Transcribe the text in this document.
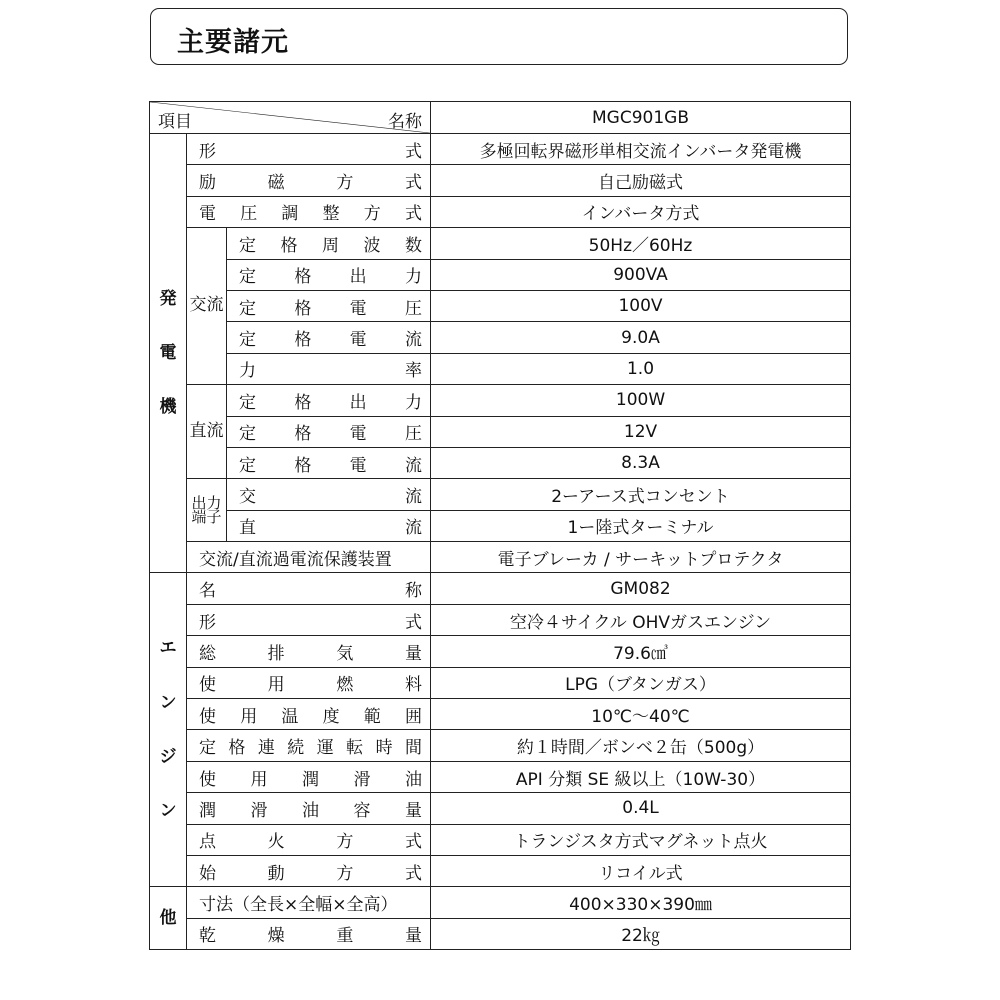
主要諸元
項目 名称			MGC901GB

発電機	形式		多極回転界磁形単相交流インバータ発電機
	励磁方式		自己励磁式
	電圧調整方式		インバータ方式
	交流	定格周波数	50Hz／60Hz
		定格出力	900VA
		定格電圧	100V
		定格電流	9.0A
		力率	1.0
	直流	定格出力	100W
		定格電圧	12V
		定格電流	8.3A
	出力端子	交流	2ーアース式コンセント
		直流	1ー陸式ターミナル
	交流/直流過電流保護装置		電子ブレーカ / サーキットプロテクタ

エンジン	名称		GM082
	形式		空冷４サイクル OHVガスエンジン
	総排気量		79.6㎤
	使用燃料		LPG（ブタンガス）
	使用温度範囲		10℃〜40℃
	定格連続運転時間		約１時間／ボンベ２缶（500g）
	使用潤滑油		API 分類 SE 級以上（10W-30）
	潤滑油容量		0.4L
	点火方式		トランジスタ方式マグネット点火
	始動方式		リコイル式

他	寸法（全長×全幅×全高）		400×330×390㎜
	乾燥重量		22㎏
